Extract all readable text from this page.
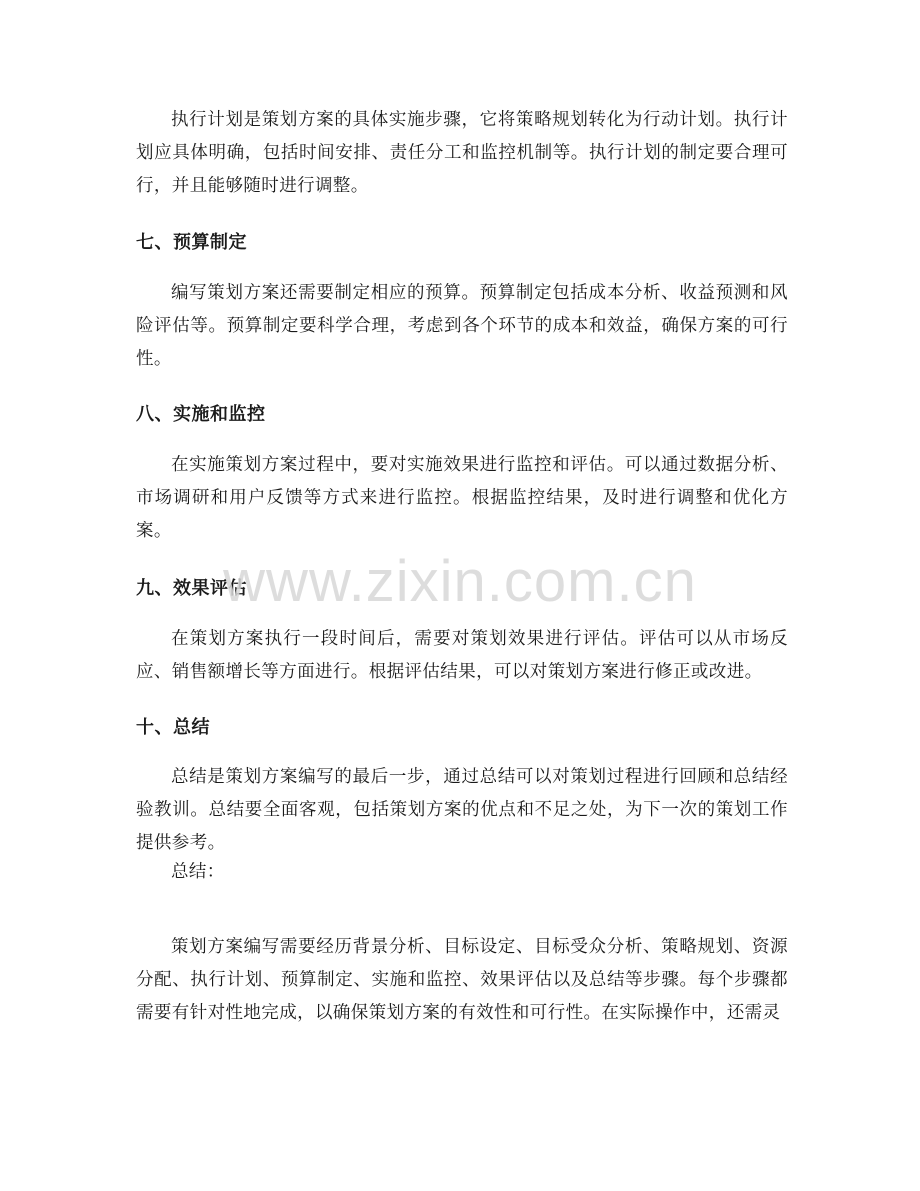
执行计划是策划方案的具体实施步骤，它将策略规划转化为行动计划。执行计划应具体明确，包括时间安排、责任分工和监控机制等。执行计划的制定要合理可行，并且能够随时进行调整。

七、预算制定

编写策划方案还需要制定相应的预算。预算制定包括成本分析、收益预测和风险评估等。预算制定要科学合理，考虑到各个环节的成本和效益，确保方案的可行性。

八、实施和监控

在实施策划方案过程中，要对实施效果进行监控和评估。可以通过数据分析、市场调研和用户反馈等方式来进行监控。根据监控结果，及时进行调整和优化方案。

九、效果评估

在策划方案执行一段时间后，需要对策划效果进行评估。评估可以从市场反应、销售额增长等方面进行。根据评估结果，可以对策划方案进行修正或改进。

十、总结

总结是策划方案编写的最后一步，通过总结可以对策划过程进行回顾和总结经验教训。总结要全面客观，包括策划方案的优点和不足之处，为下一次的策划工作提供参考。

总结：

策划方案编写需要经历背景分析、目标设定、目标受众分析、策略规划、资源分配、执行计划、预算制定、实施和监控、效果评估以及总结等步骤。每个步骤都需要有针对性地完成，以确保策划方案的有效性和可行性。在实际操作中，还需灵

www.zixin.com.cn
